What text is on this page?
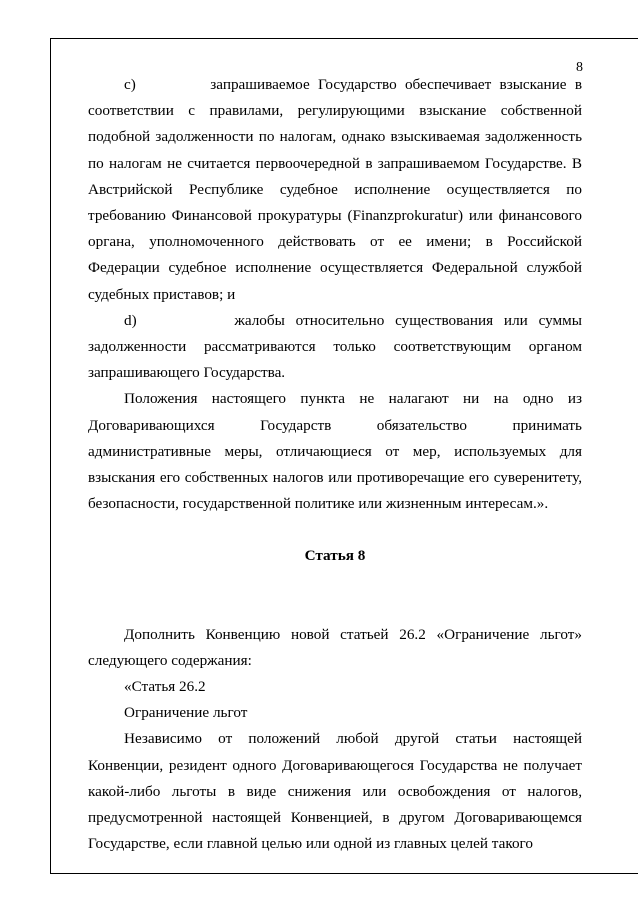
8

c)         запрашиваемое Государство обеспечивает взыскание в соответствии с правилами, регулирующими взыскание собственной подобной задолженности по налогам, однако взыскиваемая задолженность по налогам не считается первоочередной в запрашиваемом Государстве. В Австрийской Республике судебное исполнение осуществляется по требованию Финансовой прокуратуры (Finanzprokuratur) или финансового органа, уполномоченного действовать от ее имени; в Российской Федерации судебное исполнение осуществляется Федеральной службой судебных приставов; и

d)         жалобы относительно существования или суммы задолженности рассматриваются только соответствующим органом запрашивающего Государства.

Положения настоящего пункта не налагают ни на одно из Договаривающихся Государств обязательство принимать административные меры, отличающиеся от мер, используемых для взыскания его собственных налогов или противоречащие его суверенитету, безопасности, государственной политике или жизненным интересам.».

Статья 8

Дополнить Конвенцию новой статьей 26.2 «Ограничение льгот» следующего содержания:

«Статья 26.2

Ограничение льгот

Независимо от положений любой другой статьи настоящей Конвенции, резидент одного Договаривающегося Государства не получает какой-либо льготы в виде снижения или освобождения от налогов, предусмотренной настоящей Конвенцией, в другом Договаривающемся Государстве, если главной целью или одной из главных целей такого
